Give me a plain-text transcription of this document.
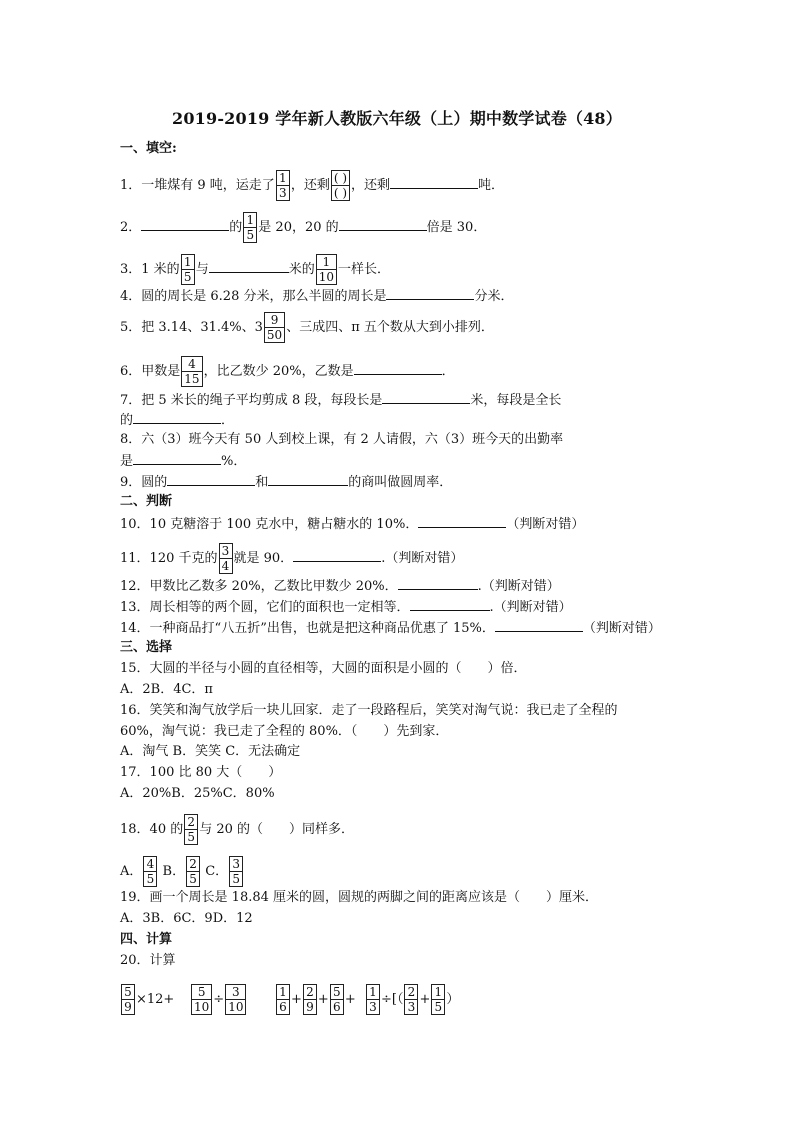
2019-2019 学年新人教版六年级（上）期中数学试卷（48）
一、填空:
1．一堆煤有 9 吨，运走了 $\frac{1}{3}$ ，还剩 $\frac{( )}{( )}$ ，还剩	吨．
2．	的 $\frac{1}{5}$ 是 20，20 的	倍是 30．
3．1 米的 $\frac{1}{5}$ 与	米的 $\frac{1}{10}$ 一样长．
4．圆的周长是 6.28 分米，那么半圆的周长是	分米．
5．把 3.14、31.4%、$3 \frac{9}{50}$ 、三成四、π 五个数从大到小排列．
6．甲数是 $\frac{4}{15}$ ，比乙数少 20%，乙数是	．
7．把 5 米长的绳子平均剪成 8 段，每段长是	米，每段是全长
的	．
8．六（3）班今天有 50 人到校上课，有 2 人请假，六（3）班今天的出勤率
是	%．
9．圆的	和	的商叫做圆周率．
二、判断
10．10 克糖溶于 100 克水中，糖占糖水的 10%．	（判断对错）
11．120 千克的 $\frac{3}{4}$ 就是 90．	.（判断对错）
12．甲数比乙数多 20%，乙数比甲数少 20%．	.（判断对错）
13．周长相等的两个圆，它们的面积也一定相等．	.（判断对错）
14．一种商品打“八五折”出售，也就是把这种商品优惠了 15%．	（判断对错）
三、选择
15．大圆的半径与小圆的直径相等，大圆的面积是小圆的（　　）倍．
A．2B．4C．π
16．笑笑和淘气放学后一块儿回家．走了一段路程后，笑笑对淘气说：我已走了全程的
60%，淘气说：我已走了全程的 80%．（　　）先到家．
A．淘气 B．笑笑 C．无法确定
17．100 比 80 大（　　）
A．20%B．25%C．80%
18．40 的 $\frac{2}{5}$ 与 20 的（　　）同样多．
A． $\frac{4}{5}$ B． $\frac{2}{5}$ C． $\frac{3}{5}$
19．画一个周长是 18.84 厘米的圆，圆规的两脚之间的距离应该是（　　）厘米．
A．3B．6C．9D．12
四、计算
20．计算
$\frac{5}{9} \times 12+ \frac{5}{10} \div \frac{3}{10} \frac{1}{6} + \frac{2}{9} + \frac{5}{6} + \frac{1}{3}$ ÷[（ $\frac{2}{3} + \frac{1}{5}$ ）
